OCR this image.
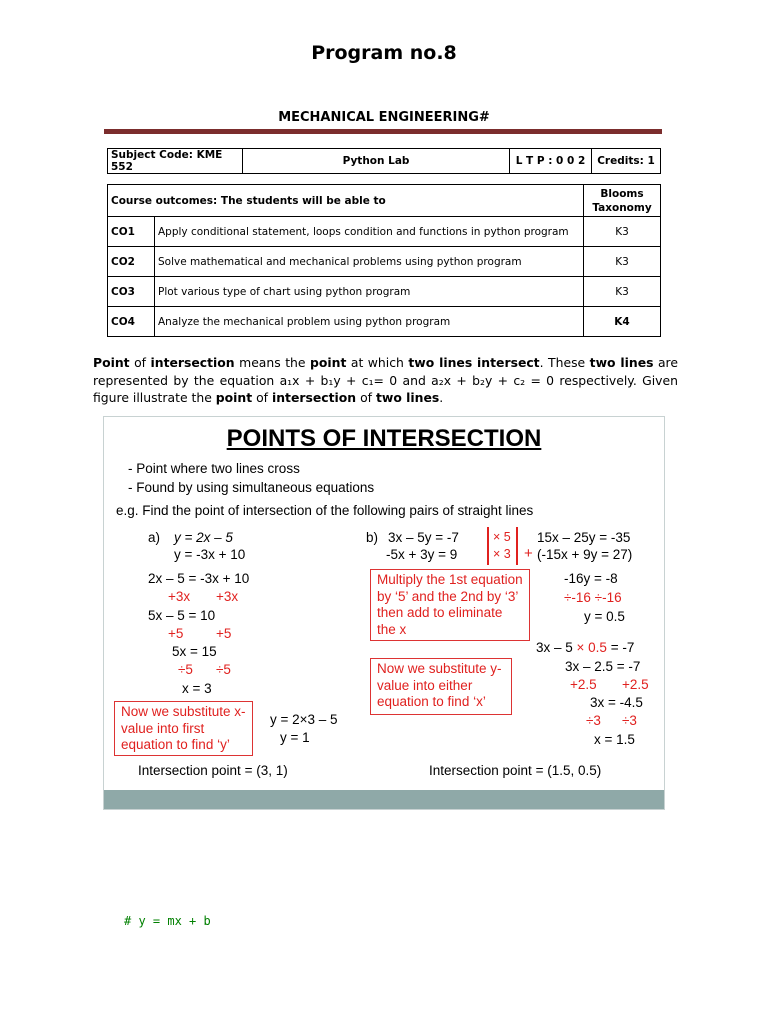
Program no.8
MECHANICAL ENGINEERING#
Subject Code: KME 552	Python Lab	L T P : 0 0 2	Credits: 1
Course outcomes: The students will be able to		Blooms Taxonomy
CO1	Apply conditional statement, loops condition and functions in python program	K3
CO2	Solve mathematical and mechanical problems using python program	K3
CO3	Plot various type of chart using python program	K3
CO4	Analyze the mechanical problem using python program	K4
Point of intersection means the point at which two lines intersect. These two lines are represented by the equation a₁x + b₁y + c₁= 0 and a₂x + b₂y + c₂ = 0 respectively. Given figure illustrate the point of intersection of two lines.
POINTS OF INTERSECTION
- Point where two lines cross
- Found by using simultaneous equations
e.g. Find the point of intersection of the following pairs of straight lines
a) y = 2x – 5
y = -3x + 10
2x – 5 = -3x + 10
+3x +3x
5x – 5 = 10
+5 +5
5x = 15
÷5 ÷5
x = 3
Now we substitute x-value into first equation to find ‘y’
y = 2×3 – 5
y = 1
Intersection point = (3, 1)
b) 3x – 5y = -7
-5x + 3y = 9
× 5
× 3
15x – 25y = -35
+ (-15x + 9y = 27)
Multiply the 1st equation by ‘5’ and the 2nd by ‘3’ then add to eliminate the x
-16y = -8
÷-16 ÷-16
y = 0.5
Now we substitute y-value into either equation to find ‘x’
3x – 5 × 0.5 = -7
3x – 2.5 = -7
+2.5 +2.5
3x = -4.5
÷3 ÷3
x = 1.5
Intersection point = (1.5, 0.5)
# y = mx + b
